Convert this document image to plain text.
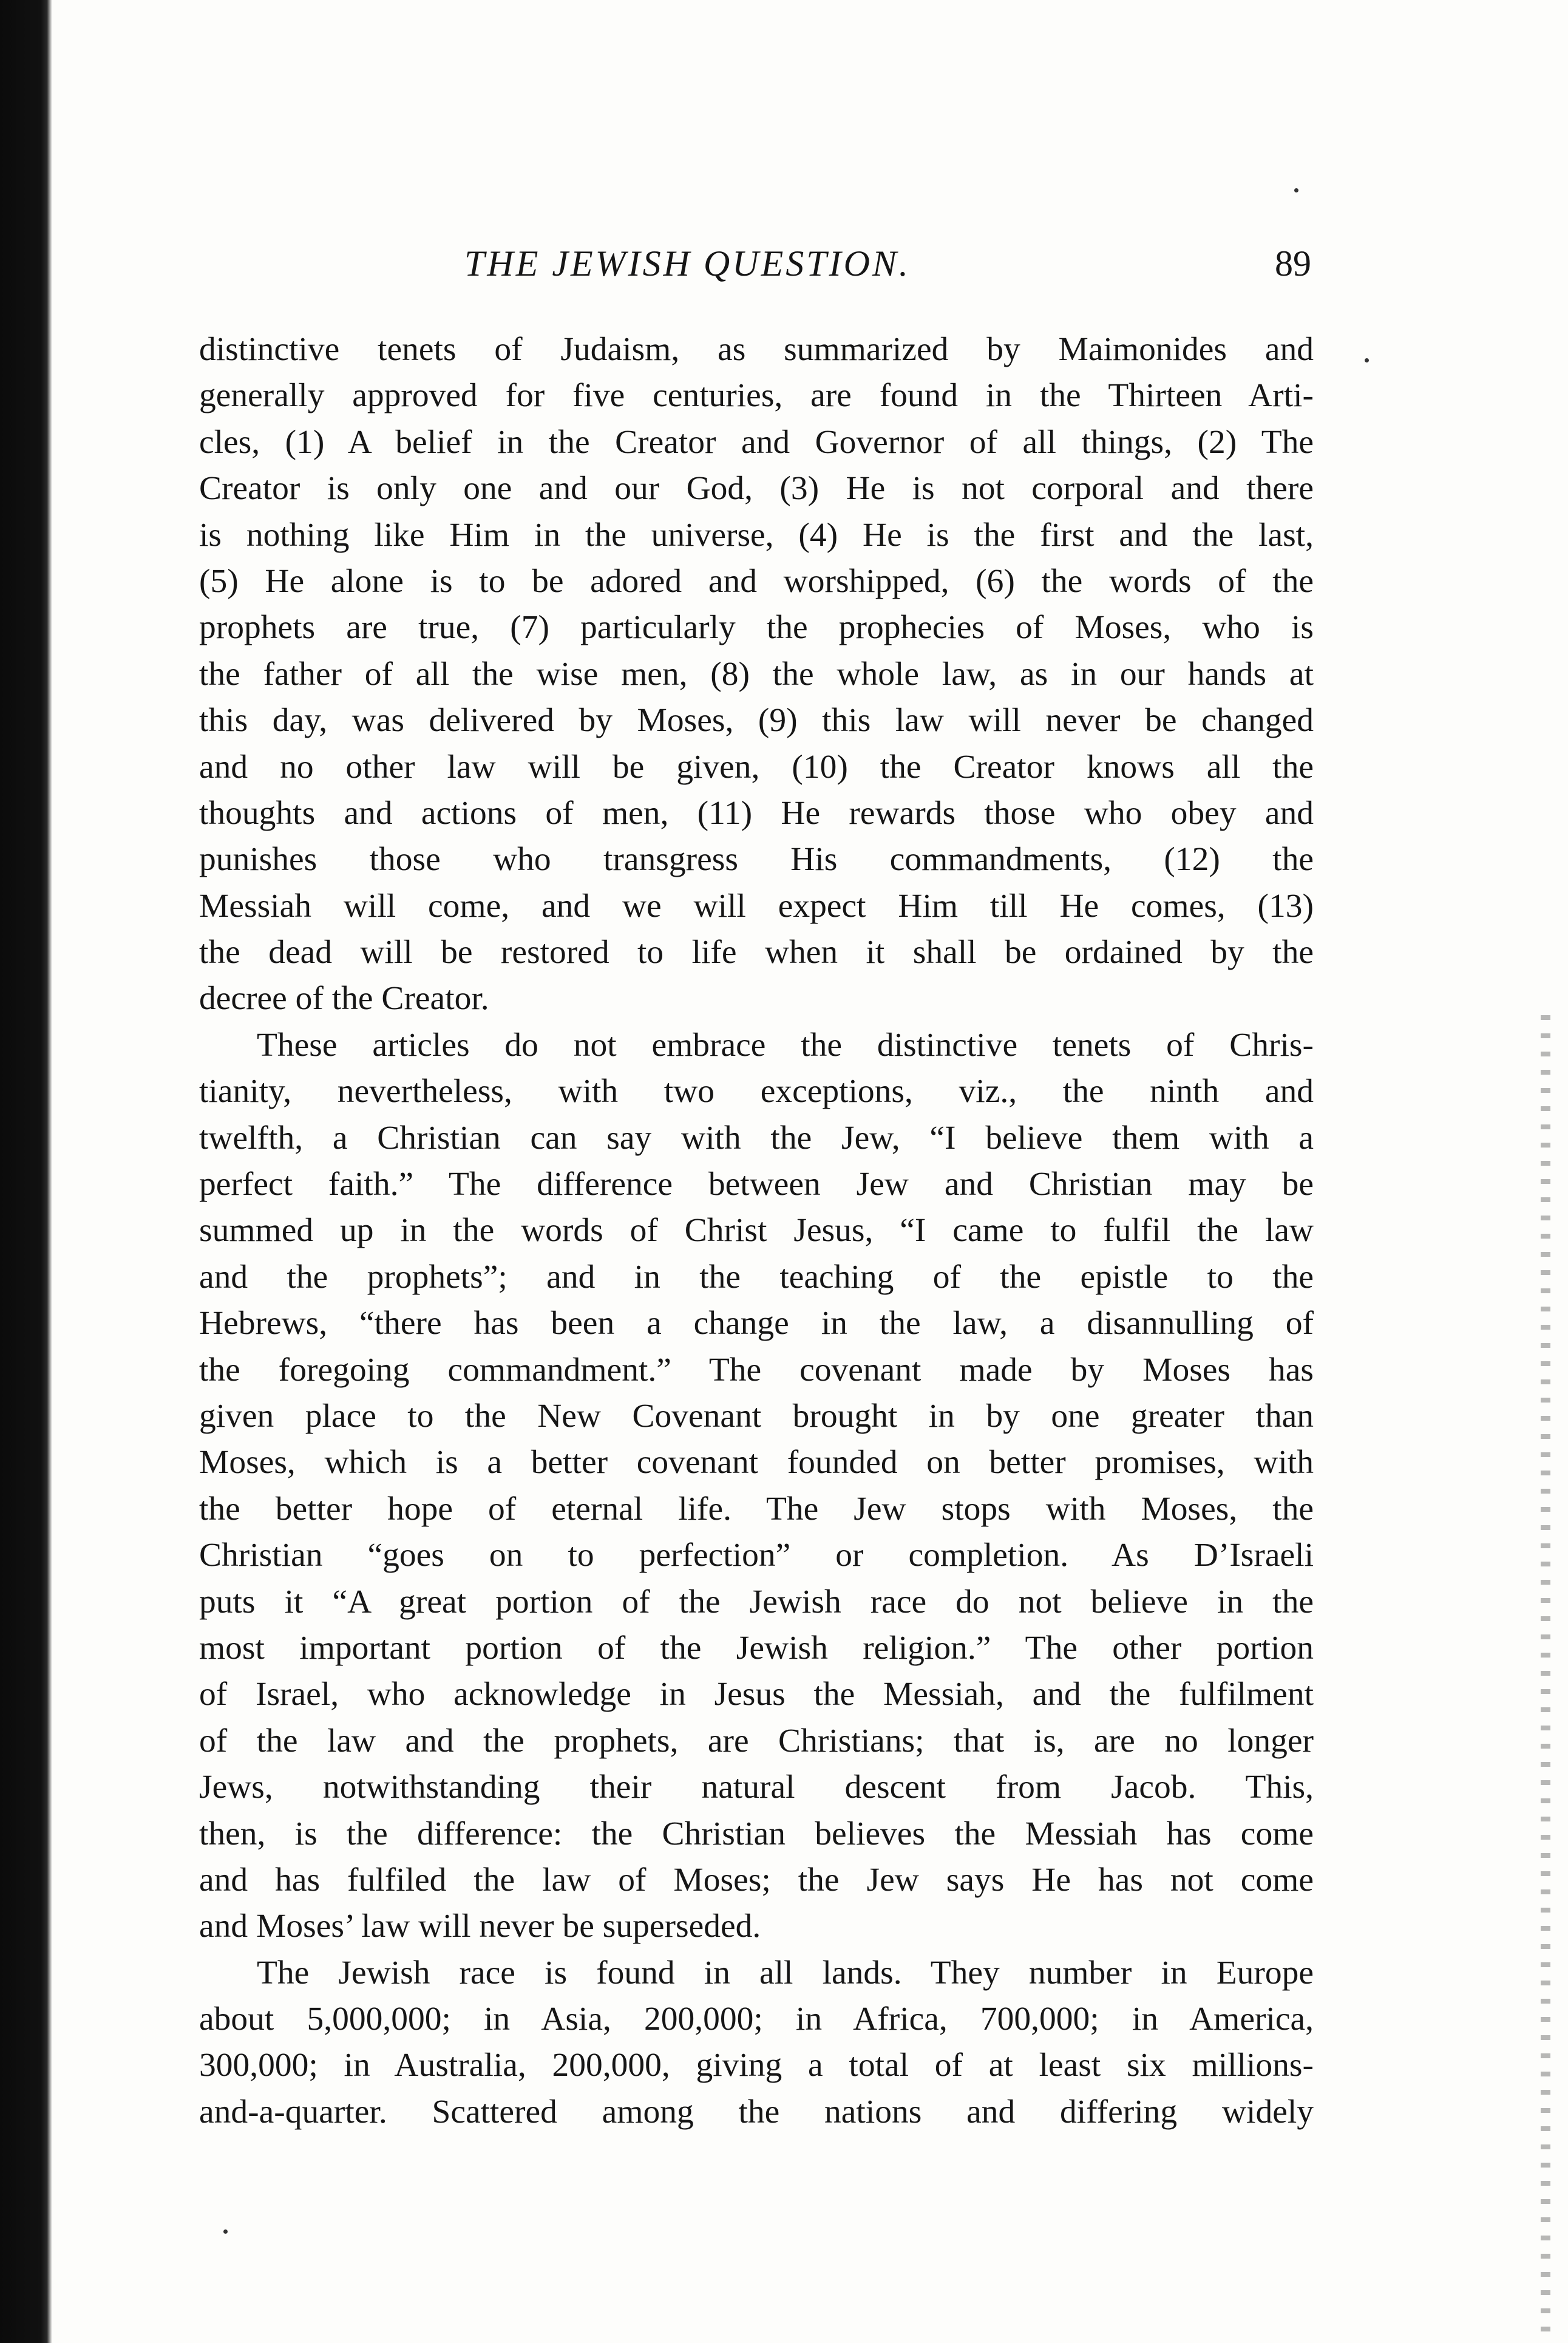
THE JEWISH QUESTION.	89
distinctive tenets of Judaism, as summarized by Maimonides and
generally approved for five centuries, are found in the Thirteen Arti-
cles, (1) A belief in the Creator and Governor of all things, (2) The
Creator is only one and our God, (3) He is not corporal and there
is nothing like Him in the universe, (4) He is the first and the last,
(5) He alone is to be adored and worshipped, (6) the words of the
prophets are true, (7) particularly the prophecies of Moses, who is
the father of all the wise men, (8) the whole law, as in our hands at
this day, was delivered by Moses, (9) this law will never be changed
and no other law will be given, (10) the Creator knows all the
thoughts and actions of men, (11) He rewards those who obey and
punishes those who transgress His commandments, (12) the
Messiah will come, and we will expect Him till He comes, (13)
the dead will be restored to life when it shall be ordained by the
decree of the Creator.
These articles do not embrace the distinctive tenets of Chris-
tianity, nevertheless, with two exceptions, viz., the ninth and
twelfth, a Christian can say with the Jew, “I believe them with a
perfect faith.” The difference between Jew and Christian may be
summed up in the words of Christ Jesus, “I came to fulfil the law
and the prophets”; and in the teaching of the epistle to the
Hebrews, “there has been a change in the law, a disannulling of
the foregoing commandment.” The covenant made by Moses has
given place to the New Covenant brought in by one greater than
Moses, which is a better covenant founded on better promises, with
the better hope of eternal life. The Jew stops with Moses, the
Christian “goes on to perfection” or completion. As D’Israeli
puts it “A great portion of the Jewish race do not believe in the
most important portion of the Jewish religion.” The other portion
of Israel, who acknowledge in Jesus the Messiah, and the fulfilment
of the law and the prophets, are Christians; that is, are no longer
Jews, notwithstanding their natural descent from Jacob. This,
then, is the difference: the Christian believes the Messiah has come
and has fulfiled the law of Moses; the Jew says He has not come
and Moses’ law will never be superseded.
The Jewish race is found in all lands. They number in Europe
about 5,000,000; in Asia, 200,000; in Africa, 700,000; in America,
300,000; in Australia, 200,000, giving a total of at least six millions-
and-a-quarter. Scattered among the nations and differing widely
